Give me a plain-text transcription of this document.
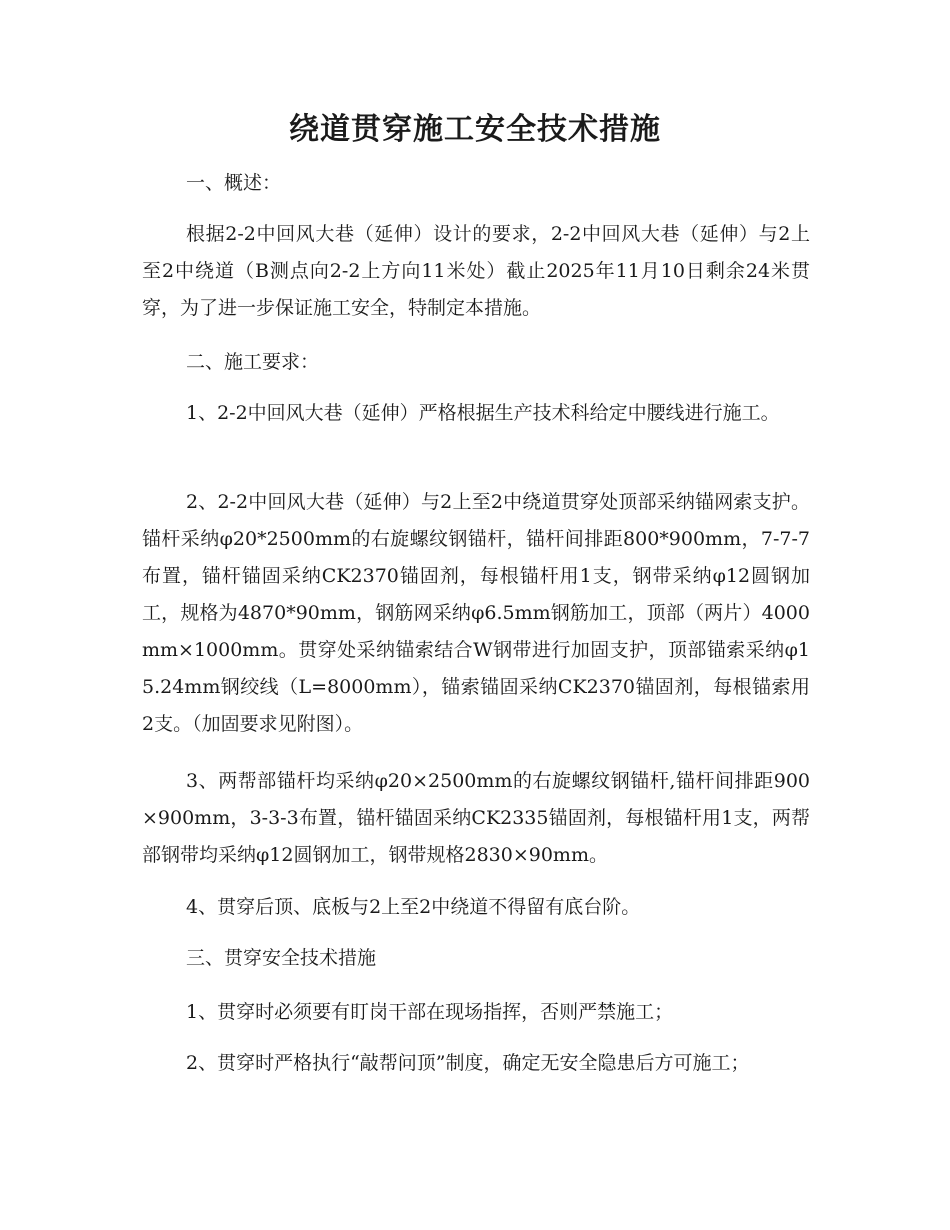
绕道贯穿施工安全技术措施
一、概述：
根据2-2中回风大巷（延伸）设计的要求，2-2中回风大巷（延伸）与2上至2中绕道（B测点向2-2上方向11米处）截止2025年11月10日剩余24米贯穿，为了进一步保证施工安全，特制定本措施。
二、施工要求：
1、2-2中回风大巷（延伸）严格根据生产技术科给定中腰线进行施工。
2、2-2中回风大巷（延伸）与2上至2中绕道贯穿处顶部采纳锚网索支护。锚杆采纳φ20*2500mm的右旋螺纹钢锚杆，锚杆间排距800*900mm，7-7-7布置，锚杆锚固采纳CK2370锚固剂，每根锚杆用1支，钢带采纳φ12圆钢加工，规格为4870*90mm，钢筋网采纳φ6.5mm钢筋加工，顶部（两片）4000mm×1000mm。贯穿处采纳锚索结合W钢带进行加固支护，顶部锚索采纳φ15.24mm钢绞线（L=8000mm），锚索锚固采纳CK2370锚固剂，每根锚索用2支。（加固要求见附图）。
3、两帮部锚杆均采纳φ20×2500mm的右旋螺纹钢锚杆,锚杆间排距900×900mm，3-3-3布置，锚杆锚固采纳CK2335锚固剂，每根锚杆用1支，两帮部钢带均采纳φ12圆钢加工，钢带规格2830×90mm。
4、贯穿后顶、底板与2上至2中绕道不得留有底台阶。
三、贯穿安全技术措施
1、贯穿时必须要有盯岗干部在现场指挥，否则严禁施工；
2、贯穿时严格执行“敲帮问顶”制度，确定无安全隐患后方可施工；
